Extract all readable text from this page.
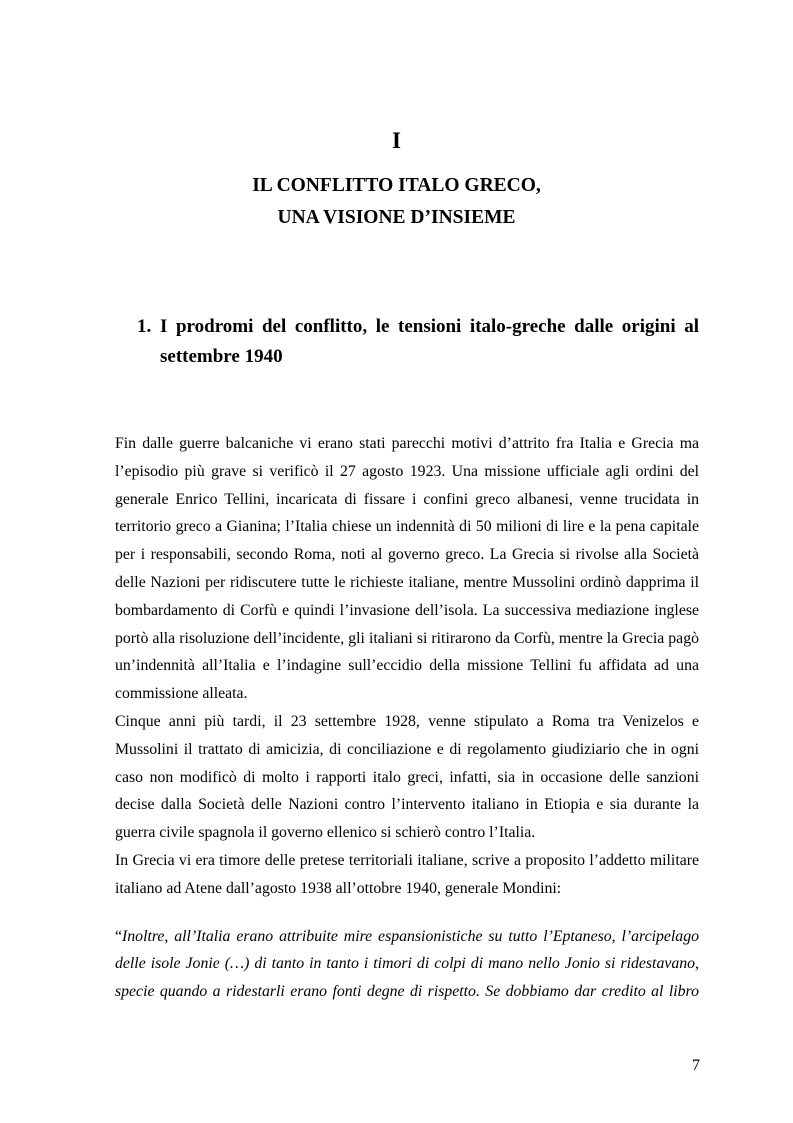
I
IL CONFLITTO ITALO GRECO,
UNA VISIONE D’INSIEME
1. I prodromi del conflitto, le tensioni italo-greche dalle origini al
settembre 1940

Fin dalle guerre balcaniche vi erano stati parecchi motivi d’attrito fra Italia e Grecia ma l’episodio più grave si verificò il 27 agosto 1923. Una missione ufficiale agli ordini del generale Enrico Tellini, incaricata di fissare i confini greco albanesi, venne trucidata in territorio greco a Gianina; l’Italia chiese un indennità di 50 milioni di lire e la pena capitale per i responsabili, secondo Roma, noti al governo greco. La Grecia si rivolse alla Società delle Nazioni per ridiscutere tutte le richieste italiane, mentre Mussolini ordinò dapprima il bombardamento di Corfù e quindi l’invasione dell’isola. La successiva mediazione inglese portò alla risoluzione dell’incidente, gli italiani si ritirarono da Corfù, mentre la Grecia pagò un’indennità all’Italia e l’indagine sull’eccidio della missione Tellini fu affidata ad una commissione alleata.

Cinque anni più tardi, il 23 settembre 1928, venne stipulato a Roma tra Venizelos e Mussolini il trattato di amicizia, di conciliazione e di regolamento giudiziario che in ogni caso non modificò di molto i rapporti italo greci, infatti, sia in occasione delle sanzioni decise dalla Società delle Nazioni contro l’intervento italiano in Etiopia e sia durante la guerra civile spagnola il governo ellenico si schierò contro l’Italia.

In Grecia vi era timore delle pretese territoriali italiane, scrive a proposito l’addetto militare italiano ad Atene dall’agosto 1938 all’ottobre 1940, generale Mondini:

“Inoltre, all’Italia erano attribuite mire espansionistiche su tutto l’Eptaneso, l’arcipelago delle isole Jonie (…) di tanto in tanto i timori di colpi di mano nello Jonio si ridestavano, specie quando a ridestarli erano fonti degne di rispetto. Se dobbiamo dar credito al libro

7
